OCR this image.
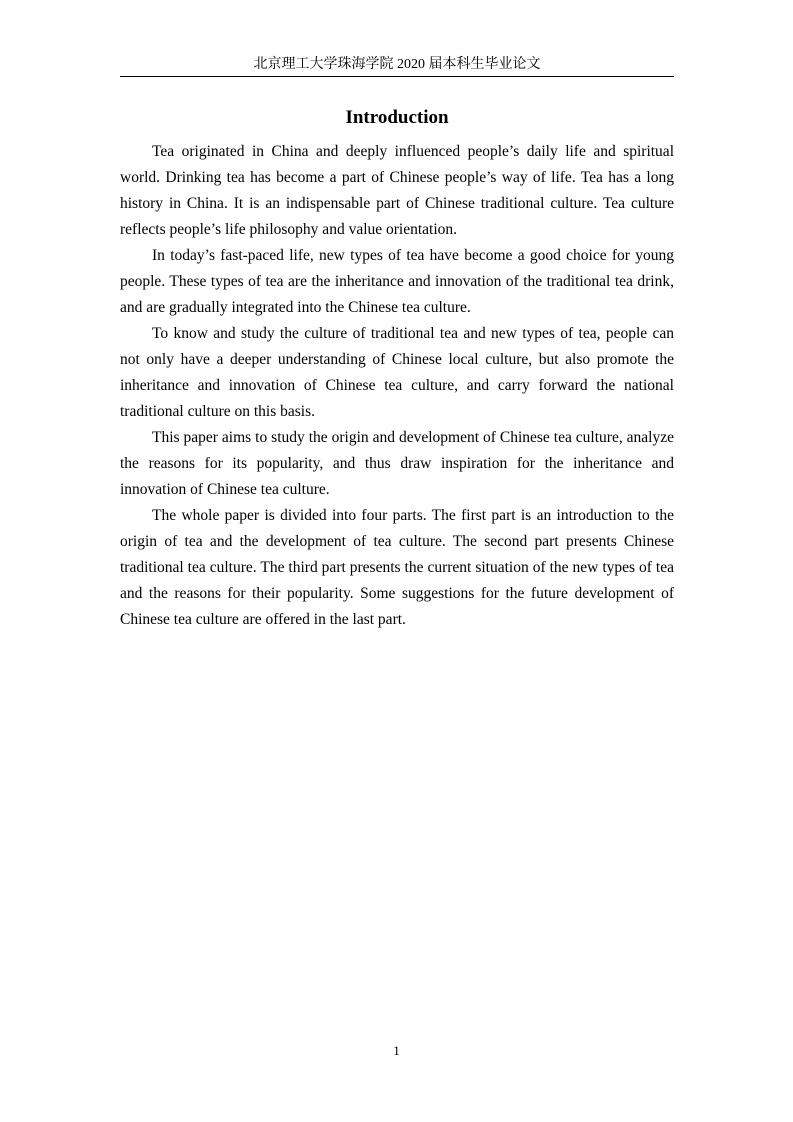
北京理工大学珠海学院 2020 届本科生毕业论文
Introduction

Tea originated in China and deeply influenced people’s daily life and spiritual world. Drinking tea has become a part of Chinese people’s way of life. Tea has a long history in China. It is an indispensable part of Chinese traditional culture. Tea culture reflects people’s life philosophy and value orientation.

In today’s fast-paced life, new types of tea have become a good choice for young people. These types of tea are the inheritance and innovation of the traditional tea drink, and are gradually integrated into the Chinese tea culture.

To know and study the culture of traditional tea and new types of tea, people can not only have a deeper understanding of Chinese local culture, but also promote the inheritance and innovation of Chinese tea culture, and carry forward the national traditional culture on this basis.

This paper aims to study the origin and development of Chinese tea culture, analyze the reasons for its popularity, and thus draw inspiration for the inheritance and innovation of Chinese tea culture.

The whole paper is divided into four parts. The first part is an introduction to the origin of tea and the development of tea culture. The second part presents Chinese traditional tea culture. The third part presents the current situation of the new types of tea and the reasons for their popularity. Some suggestions for the future development of Chinese tea culture are offered in the last part.

1
